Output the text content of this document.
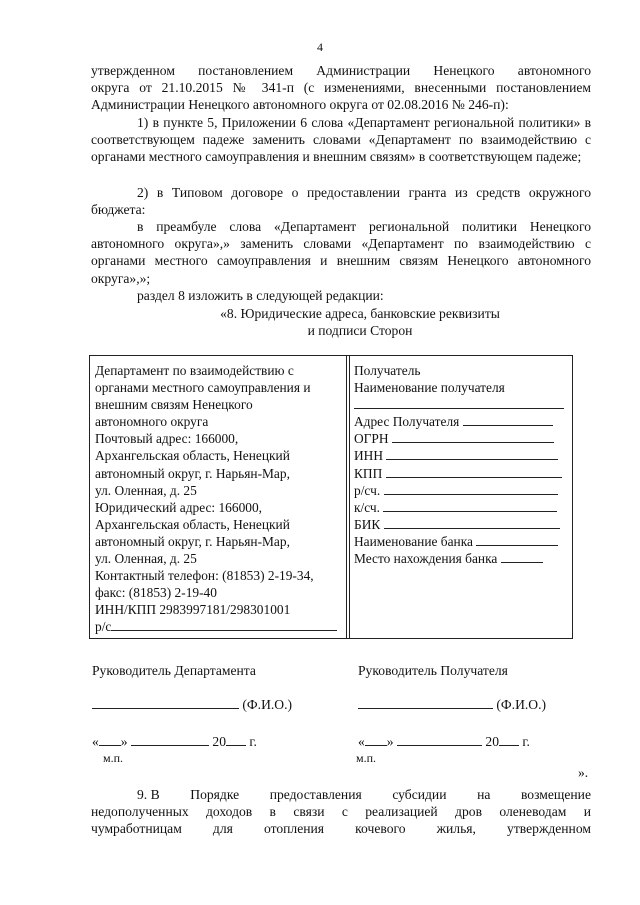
4
утвержденном постановлением Администрации Ненецкого автономного
округа от 21.10.2015 № 341-п (с изменениями, внесенными постановлением
Администрации Ненецкого автономного округа от 02.08.2016 № 246-п):
1) в пункте 5, Приложении 6 слова «Департамент региональной политики» в соответствующем падеже заменить словами «Департамент по взаимодействию с органами местного самоуправления и внешним связям» в соответствующем падеже;
2) в Типовом договоре о предоставлении гранта из средств окружного бюджета:
в преамбуле слова «Департамент региональной политики Ненецкого автономного округа»,» заменить словами «Департамент по взаимодействию с органами местного самоуправления и внешним связям Ненецкого автономного округа»,»;
раздел 8 изложить в следующей редакции:
«8. Юридические адреса, банковские реквизиты
и подписи Сторон
Департамент по взаимодействию с
органами местного самоуправления и
внешним связям Ненецкого
автономного округа
Почтовый адрес: 166000,
Архангельская область, Ненецкий
автономный округ, г. Нарьян-Мар,
ул. Оленная, д. 25
Юридический адрес: 166000,
Архангельская область, Ненецкий
автономный округ, г. Нарьян-Мар,
ул. Оленная, д. 25
Контактный телефон: (81853) 2-19-34,
факс: (81853) 2-19-40
ИНН/КПП 2983997181/298301001
р/с
Получатель
Наименование получателя
Адрес Получателя
ОГРН
ИНН
КПП
р/сч.
к/сч.
БИК
Наименование банка
Место нахождения банка
Руководитель Департамента	Руководитель Получателя
(Ф.И.О.)	(Ф.И.О.)
« »	20 г.	« »	20 г.
м.п.	м.п.
».
9. В Порядке предоставления субсидии на возмещение
недополученных доходов в связи с реализацией дров оленеводам и
чумработницам для отопления кочевого жилья, утвержденном
